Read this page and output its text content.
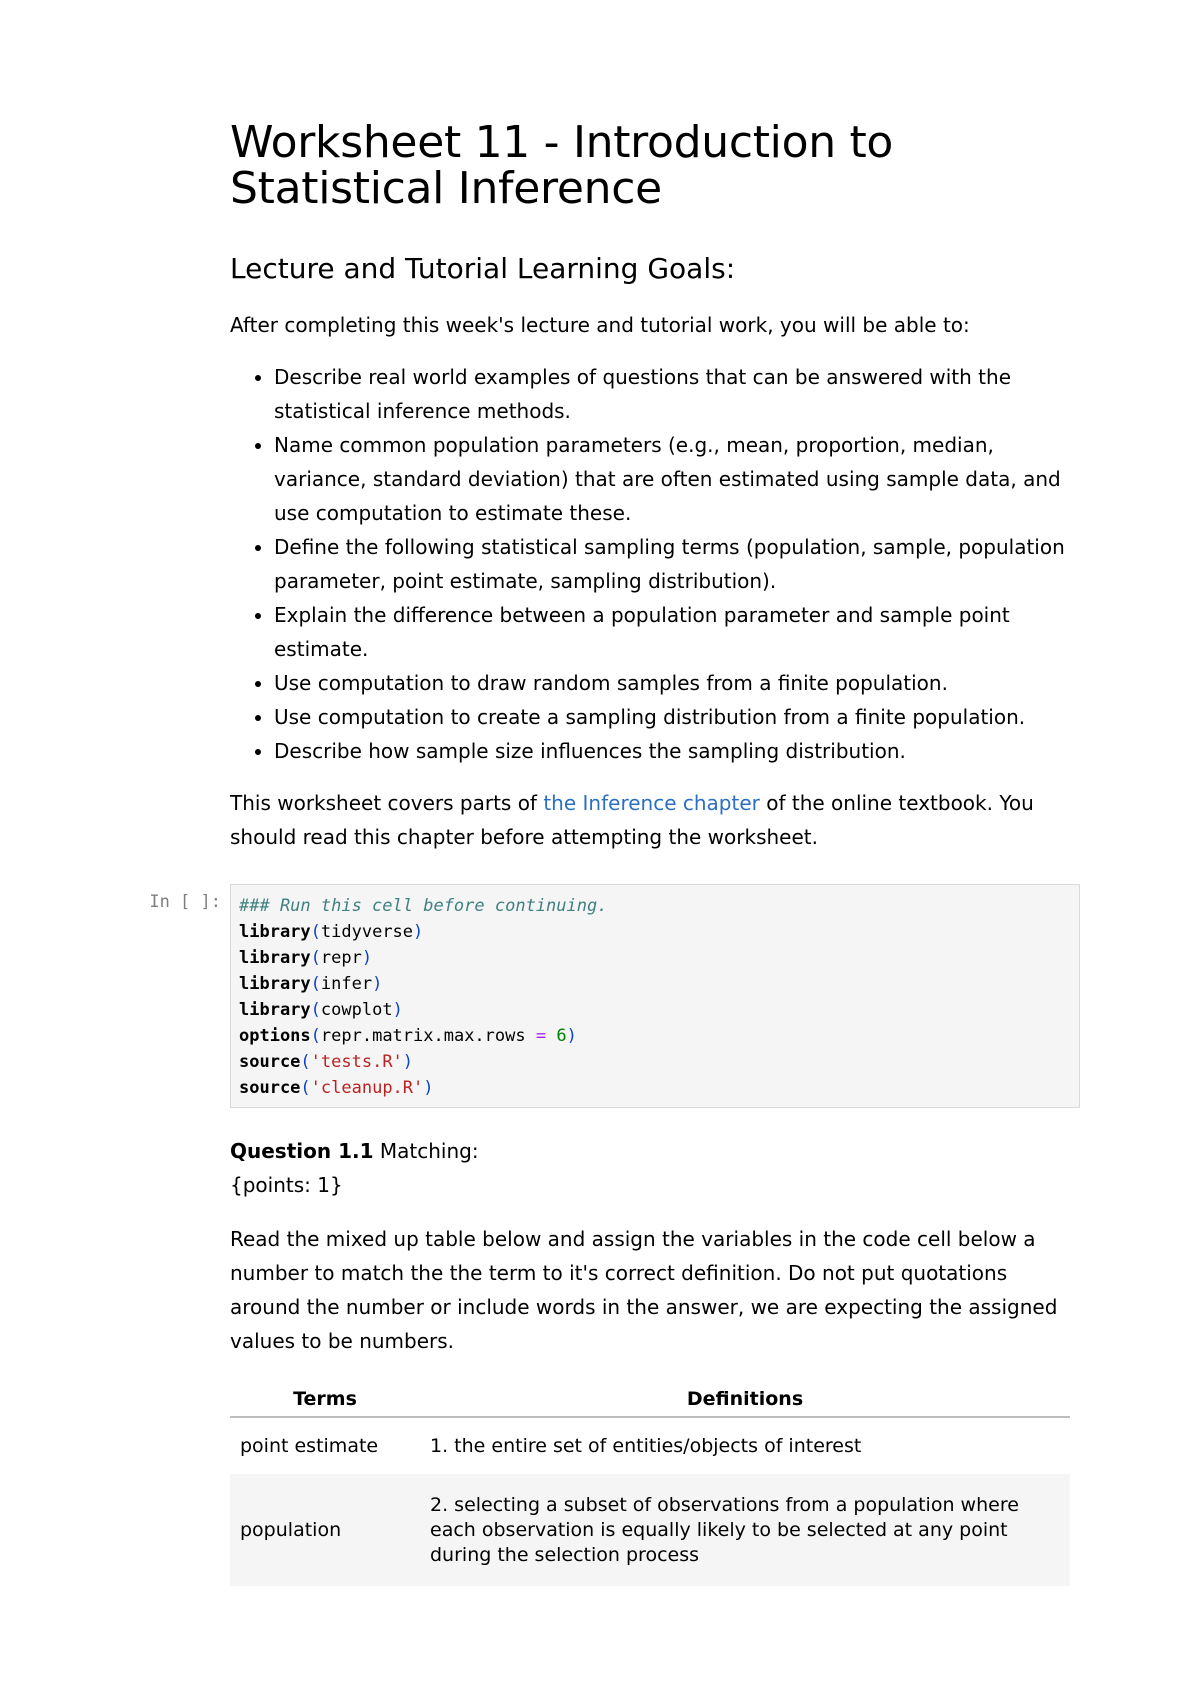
Worksheet 11 - Introduction to Statistical Inference
Lecture and Tutorial Learning Goals:

After completing this week's lecture and tutorial work, you will be able to:

• Describe real world examples of questions that can be answered with the statistical inference methods.
• Name common population parameters (e.g., mean, proportion, median, variance, standard deviation) that are often estimated using sample data, and use computation to estimate these.
• Define the following statistical sampling terms (population, sample, population parameter, point estimate, sampling distribution).
• Explain the difference between a population parameter and sample point estimate.
• Use computation to draw random samples from a finite population.
• Use computation to create a sampling distribution from a finite population.
• Describe how sample size influences the sampling distribution.

This worksheet covers parts of the Inference chapter of the online textbook. You should read this chapter before attempting the worksheet.

In [ ]: ### Run this cell before continuing.
library(tidyverse)
library(repr)
library(infer)
library(cowplot)
options(repr.matrix.max.rows = 6)
source('tests.R')
source('cleanup.R')

Question 1.1 Matching:

{points: 1}

Read the mixed up table below and assign the variables in the code cell below a number to match the the term to it's correct definition. Do not put quotations around the number or include words in the answer, we are expecting the assigned values to be numbers.

Terms	Definitions
point estimate	1. the entire set of entities/objects of interest
population	2. selecting a subset of observations from a population where each observation is equally likely to be selected at any point during the selection process
